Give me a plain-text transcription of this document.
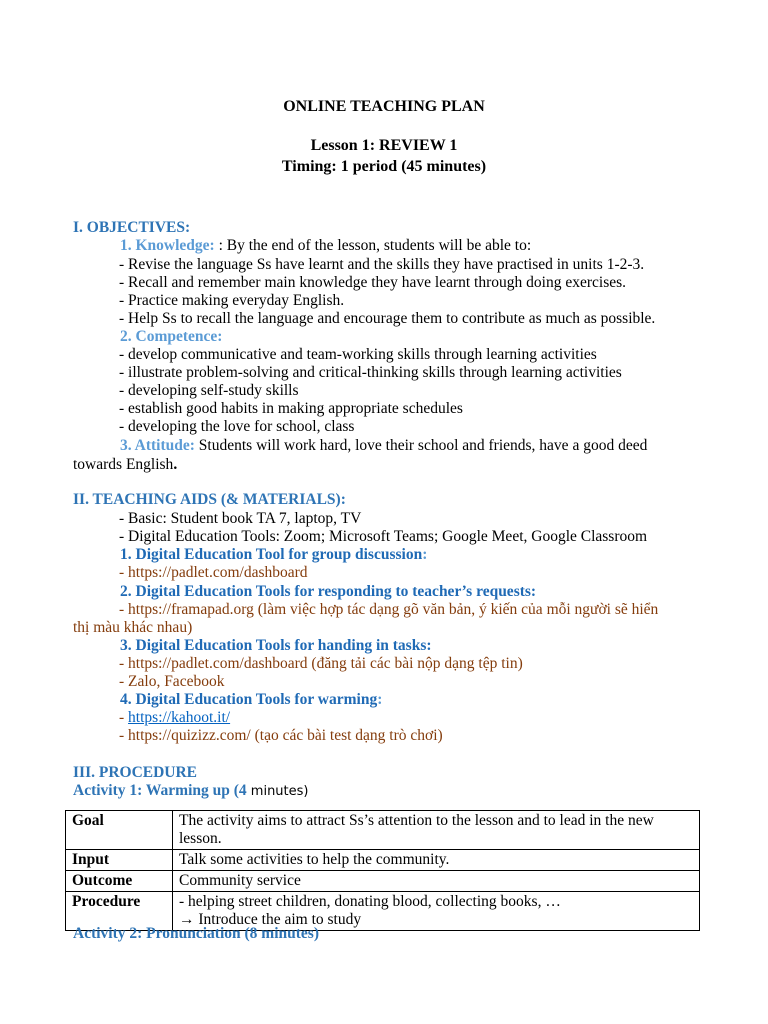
ONLINE TEACHING PLAN
Lesson 1: REVIEW 1
Timing: 1 period (45 minutes)
I. OBJECTIVES:
1. Knowledge: : By the end of the lesson, students will be able to:
- Revise the language Ss have learnt and the skills they have practised in units 1-2-3.
- Recall and remember main knowledge they have learnt through doing exercises.
- Practice making everyday English.
- Help Ss to recall the language and encourage them to contribute as much as possible.
2. Competence:
- develop communicative and team-working skills through learning activities
- illustrate problem-solving and critical-thinking skills through learning activities
- developing self-study skills
- establish good habits in making appropriate schedules
- developing the love for school, class
3. Attitude: Students will work hard, love their school and friends, have a good deed
towards English.
II. TEACHING AIDS (& MATERIALS):
- Basic: Student book TA 7, laptop, TV
- Digital Education Tools: Zoom; Microsoft Teams; Google Meet, Google Classroom
1. Digital Education Tool for group discussion:
- https://padlet.com/dashboard
2. Digital Education Tools for responding to teacher’s requests:
- https://framapad.org (làm việc hợp tác dạng gõ văn bản, ý kiến của mỗi người sẽ hiển
thị màu khác nhau)
3. Digital Education Tools for handing in tasks:
- https://padlet.com/dashboard (đăng tải các bài nộp dạng tệp tin)
- Zalo, Facebook
4. Digital Education Tools for warming:
- https://kahoot.it/
- https://quizizz.com/ (tạo các bài test dạng trò chơi)
III. PROCEDURE
Activity 1: Warming up (4 minutes)
Goal	The activity aims to attract Ss’s attention to the lesson and to lead in the new lesson.
Input	Talk some activities to help the community.
Outcome	Community service
Procedure	- helping street children, donating blood, collecting books, …
→ Introduce the aim to study
Activity 2: Pronunciation (8 minutes)
